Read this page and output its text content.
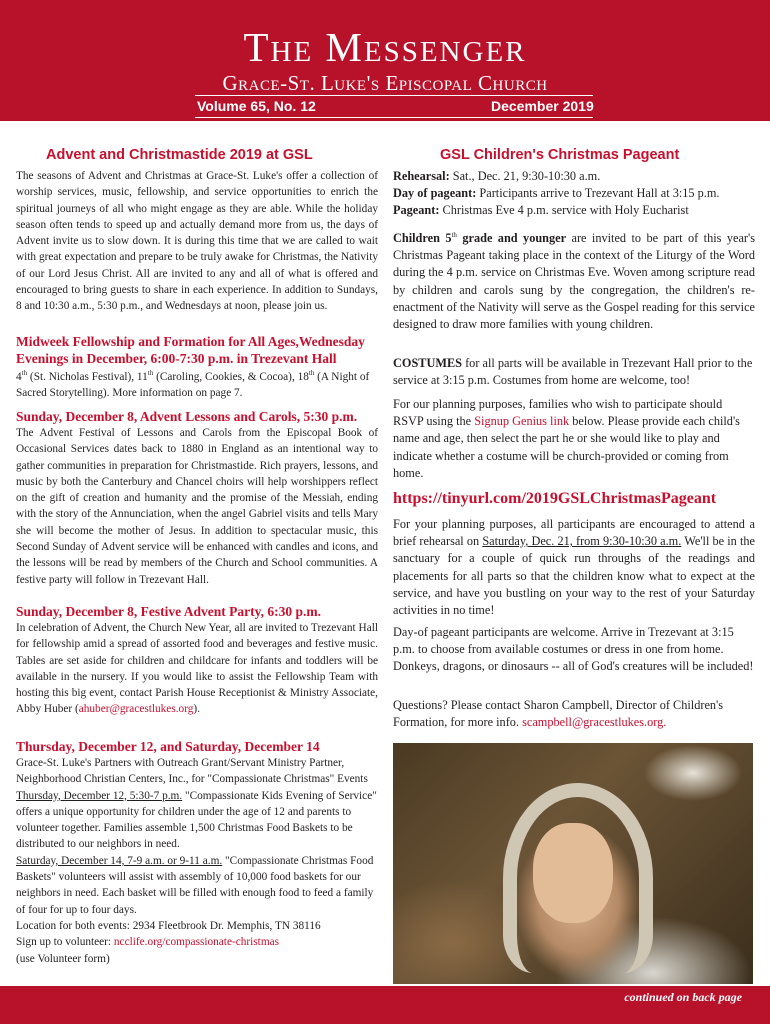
The Messenger
Grace-St. Luke's Episcopal Church
Volume 65, No. 12	December 2019
Advent and Christmastide 2019 at GSL

The seasons of Advent and Christmas at Grace-St. Luke's offer a collection of worship services, music, fellowship, and service opportunities to enrich the spiritual journeys of all who might engage as they are able. While the holiday season often tends to speed up and actually demand more from us, the days of Advent invite us to slow down. It is during this time that we are called to wait with great expectation and prepare to be truly awake for Christmas, the Nativity of our Lord Jesus Christ. All are invited to any and all of what is offered and encouraged to bring guests to share in each experience. In addition to Sundays, 8 and 10:30 a.m., 5:30 p.m., and Wednesdays at noon, please join us.

Midweek Fellowship and Formation for All Ages,Wednesday Evenings in December, 6:00-7:30 p.m. in Trezevant Hall

4th (St. Nicholas Festival), 11th (Caroling, Cookies, & Cocoa), 18th (A Night of Sacred Storytelling). More information on page 7.

Sunday, December 8, Advent Lessons and Carols, 5:30 p.m.

The Advent Festival of Lessons and Carols from the Episcopal Book of Occasional Services dates back to 1880 in England as an intentional way to gather communities in preparation for Christmastide. Rich prayers, lessons, and music by both the Canterbury and Chancel choirs will help worshippers reflect on the gift of creation and humanity and the promise of the Messiah, ending with the story of the Annunciation, when the angel Gabriel visits and tells Mary she will become the mother of Jesus. In addition to spectacular music, this Second Sunday of Advent service will be enhanced with candles and icons, and the lessons will be read by members of the Church and School communities. A festive party will follow in Trezevant Hall.

Sunday, December 8, Festive Advent Party, 6:30 p.m.

In celebration of Advent, the Church New Year, all are invited to Trezevant Hall for fellowship amid a spread of assorted food and beverages and festive music. Tables are set aside for children and childcare for infants and toddlers will be available in the nursery. If you would like to assist the Fellowship Team with hosting this big event, contact Parish House Receptionist & Ministry Associate, Abby Huber (ahuber@gracestlukes.org).

Thursday, December 12, and Saturday, December 14

Grace-St. Luke's Partners with Outreach Grant/Servant Ministry Partner, Neighborhood Christian Centers, Inc., for "Compassionate Christmas" Events

Thursday, December 12, 5:30-7 p.m. "Compassionate Kids Evening of Service" offers a unique opportunity for children under the age of 12 and parents to volunteer together. Families assemble 1,500 Christmas Food Baskets to be distributed to our neighbors in need.

Saturday, December 14, 7-9 a.m. or 9-11 a.m. "Compassionate Christmas Food Baskets" volunteers will assist with assembly of 10,000 food baskets for our neighbors in need. Each basket will be filled with enough food to feed a family of four for up to four days.

Location for both events: 2934 Fleetbrook Dr. Memphis, TN 38116

Sign up to volunteer: ncclife.org/compassionate-christmas

(use Volunteer form)

GSL Children's Christmas Pageant

Rehearsal: Sat., Dec. 21, 9:30-10:30 a.m.

Day of pageant: Participants arrive to Trezevant Hall at 3:15 p.m.

Pageant: Christmas Eve 4 p.m. service with Holy Eucharist

Children 5th grade and younger are invited to be part of this year's Christmas Pageant taking place in the context of the Liturgy of the Word during the 4 p.m. service on Christmas Eve. Woven among scripture read by children and carols sung by the congregation, the children's re-enactment of the Nativity will serve as the Gospel reading for this service designed to draw more families with young children.

COSTUMES for all parts will be available in Trezevant Hall prior to the service at 3:15 p.m. Costumes from home are welcome, too!

For our planning purposes, families who wish to participate should RSVP using the Signup Genius link below. Please provide each child's name and age, then select the part he or she would like to play and indicate whether a costume will be church-provided or coming from home.

https://tinyurl.com/2019GSLChristmasPageant

For your planning purposes, all participants are encouraged to attend a brief rehearsal on Saturday, Dec. 21, from 9:30-10:30 a.m. We'll be in the sanctuary for a couple of quick run throughs of the readings and placements for all parts so that the children know what to expect at the service, and have you bustling on your way to the rest of your Saturday activities in no time!

Day-of pageant participants are welcome. Arrive in Trezevant at 3:15 p.m. to choose from available costumes or dress in one from home. Donkeys, dragons, or dinosaurs -- all of God's creatures will be included!

Questions? Please contact Sharon Campbell, Director of Children's Formation, for more info. scampbell@gracestlukes.org.

continued on back page
